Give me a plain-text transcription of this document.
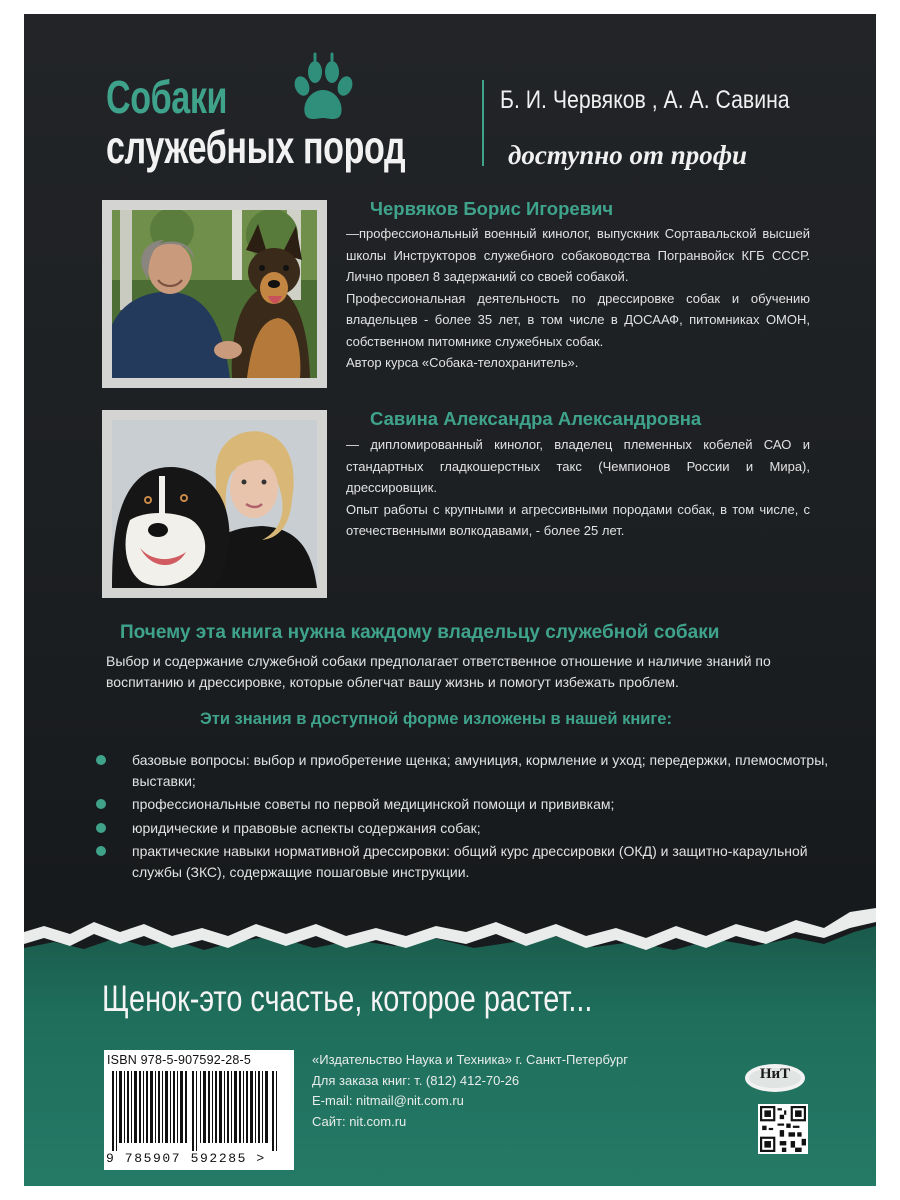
Собаки
служебных пород
Б. И. Червяков , А. А. Савина
доступно от профи
Червяков Борис Игоревич

—профессиональный военный кинолог, выпускник Сортавальской высшей школы Инструкторов служебного собаководства Погранвойск КГБ СССР. Лично провел 8 задержаний со своей собакой.

Профессиональная деятельность по дрессировке собак и обучению владельцев - более 35 лет, в том числе в ДОСААФ, питомниках ОМОН, собственном питомнике служебных собак.

Автор курса «Собака-телохранитель».

Савина Александра Александровна

— дипломированный кинолог, владелец племенных кобелей САО и стандартных гладкошерстных такс (Чемпионов России и Мира), дрессировщик.

Опыт работы с крупными и агрессивными породами собак, в том числе, с отечественными волкодавами, - более 25 лет.

Почему эта книга нужна каждому владельцу служебной собаки
Выбор и содержание служебной собаки предполагает ответственное отношение и наличие знаний по воспитанию и дрессировке, которые облегчат вашу жизнь и помогут избежать проблем.
Эти знания в доступной форме изложены в нашей книге:
базовые вопросы: выбор и приобретение щенка; амуниция, кормление и уход; передержки, племосмотры, выставки;
профессиональные советы по первой медицинской помощи и прививкам;
юридические и правовые аспекты содержания собак;
практические навыки нормативной дрессировки: общий курс дрессировки (ОКД) и защитно-караульной службы (ЗКС), содержащие пошаговые инструкции.
Щенок-это счастье, которое растет...
ISBN 978-5-907592-28-5
9 785907 592285 >
«Издательство Наука и Техника» г. Санкт-Петербург
Для заказа книг: т. (812) 412-70-26
E-mail: nitmail@nit.com.ru
Сайт: nit.com.ru
НиТ
